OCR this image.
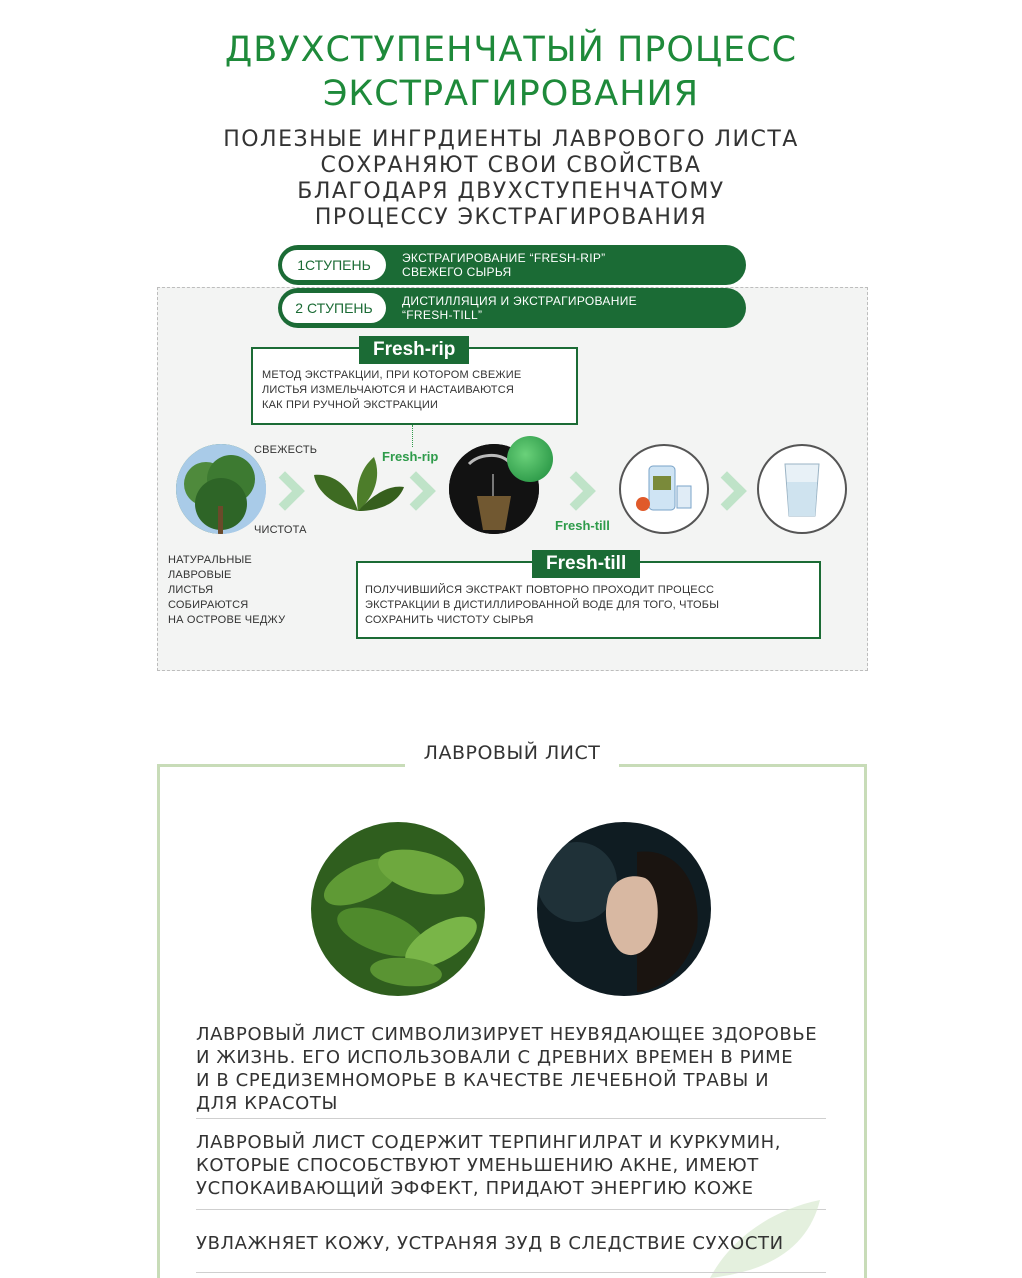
ДВУХСТУПЕНЧАТЫЙ ПРОЦЕСС
ЭКСТРАГИРОВАНИЯ
ПОЛЕЗНЫЕ ИНГРДИЕНТЫ ЛАВРОВОГО ЛИСТА
СОХРАНЯЮТ СВОИ СВОЙСТВА
БЛАГОДАРЯ ДВУХСТУПЕНЧАТОМУ
ПРОЦЕССУ ЭКСТРАГИРОВАНИЯ
1СТУПЕНЬ	ЭКСТРАГИРОВАНИЕ “FRESH-RIP”
СВЕЖЕГО СЫРЬЯ
2 СТУПЕНЬ	ДИСТИЛЛЯЦИЯ И ЭКСТРАГИРОВАНИЕ
“FRESH-TILL”
Fresh-rip
МЕТОД ЭКСТРАКЦИИ, ПРИ КОТОРОМ СВЕЖИЕ
ЛИСТЬЯ ИЗМЕЛЬЧАЮТСЯ И НАСТАИВАЮТСЯ
КАК ПРИ РУЧНОЙ ЭКСТРАКЦИИ
СВЕЖЕСТЬ
ЧИСТОТА
Fresh-rip
Fresh-till
НАТУРАЛЬНЫЕ
ЛАВРОВЫЕ
ЛИСТЬЯ
СОБИРАЮТСЯ
НА ОСТРОВЕ ЧЕДЖУ
Fresh-till
ПОЛУЧИВШИЙСЯ ЭКСТРАКТ ПОВТОРНО ПРОХОДИТ ПРОЦЕСС
ЭКСТРАКЦИИ В ДИСТИЛЛИРОВАННОЙ ВОДЕ ДЛЯ ТОГО, ЧТОБЫ
СОХРАНИТЬ ЧИСТОТУ СЫРЬЯ
ЛАВРОВЫЙ ЛИСТ
ЛАВРОВЫЙ ЛИСТ СИМВОЛИЗИРУЕТ НЕУВЯДАЮЩЕЕ ЗДОРОВЬЕ
И ЖИЗНЬ. ЕГО ИСПОЛЬЗОВАЛИ С ДРЕВНИХ ВРЕМЕН В РИМЕ
И В СРЕДИЗЕМНОМОРЬЕ В КАЧЕСТВЕ ЛЕЧЕБНОЙ ТРАВЫ И
ДЛЯ КРАСОТЫ
ЛАВРОВЫЙ ЛИСТ СОДЕРЖИТ ТЕРПИНГИЛРАТ И КУРКУМИН,
КОТОРЫЕ СПОСОБСТВУЮТ УМЕНЬШЕНИЮ АКНЕ, ИМЕЮТ
УСПОКАИВАЮЩИЙ ЭФФЕКТ, ПРИДАЮТ ЭНЕРГИЮ КОЖЕ
УВЛАЖНЯЕТ КОЖУ, УСТРАНЯЯ ЗУД В СЛЕДСТВИЕ СУХОСТИ
